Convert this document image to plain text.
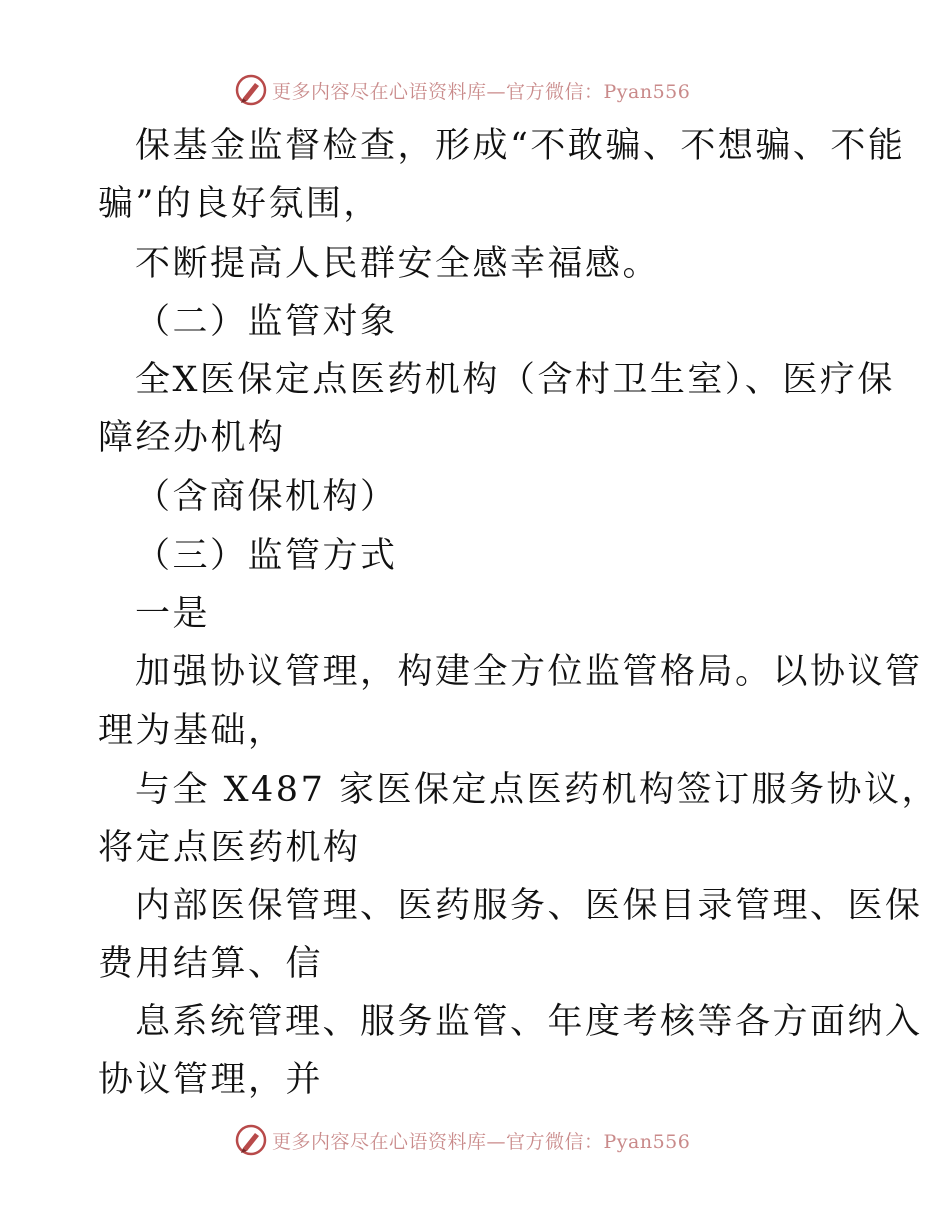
更多内容尽在心语资料库—官方微信：Pyan556
保基金监督检查，形成“不敢骗、不想骗、不能
骗”的良好氛围，
不断提高人民群安全感幸福感。
（二）监管对象
全X医保定点医药机构（含村卫生室）、医疗保
障经办机构
（含商保机构）
（三）监管方式
一是
加强协议管理，构建全方位监管格局。以协议管
理为基础，
与全 X487 家医保定点医药机构签订服务协议，
将定点医药机构
内部医保管理、医药服务、医保目录管理、医保
费用结算、信
息系统管理、服务监管、年度考核等各方面纳入
协议管理，并
更多内容尽在心语资料库—官方微信：Pyan556
